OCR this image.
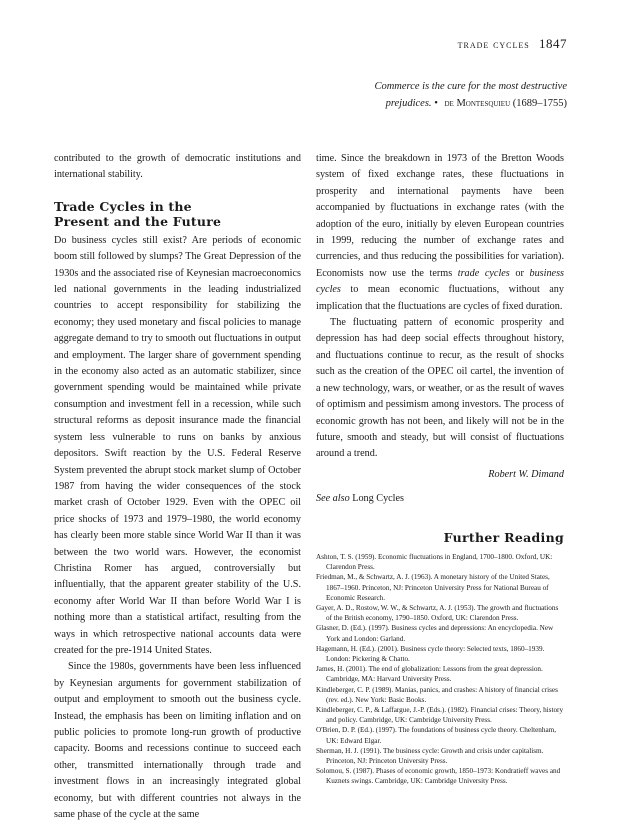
trade cycles 1847
Commerce is the cure for the most destructive
prejudices. • de Montesquieu (1689–1755)

contributed to the growth of democratic institutions and international stability.

Trade Cycles in the
Present and the Future

Do business cycles still exist? Are periods of economic boom still followed by slumps? The Great Depression of the 1930s and the associated rise of Keynesian macroeconomics led national governments in the leading industrialized countries to accept responsibility for stabilizing the economy; they used monetary and fiscal policies to manage aggregate demand to try to smooth out fluctuations in output and employment. The larger share of government spending in the economy also acted as an automatic stabilizer, since government spending would be maintained while private consumption and investment fell in a recession, while such structural reforms as deposit insurance made the financial system less vulnerable to runs on banks by anxious depositors. Swift reaction by the U.S. Federal Reserve System prevented the abrupt stock market slump of October 1987 from having the wider consequences of the stock market crash of October 1929. Even with the OPEC oil price shocks of 1973 and 1979–1980, the world economy has clearly been more stable since World War II than it was between the two world wars. However, the economist Christina Romer has argued, controversially but influentially, that the apparent greater stability of the U.S. economy after World War II than before World War I is nothing more than a statistical artifact, resulting from the ways in which retrospective national accounts data were created for the pre-1914 United States.

Since the 1980s, governments have been less influenced by Keynesian arguments for government stabilization of output and employment to smooth out the business cycle. Instead, the emphasis has been on limiting inflation and on public policies to promote long-run growth of productive capacity. Booms and recessions continue to succeed each other, transmitted internationally through trade and investment flows in an increasingly integrated global economy, but with different countries not always in the same phase of the cycle at the same

time. Since the breakdown in 1973 of the Bretton Woods system of fixed exchange rates, these fluctuations in prosperity and international payments have been accompanied by fluctuations in exchange rates (with the adoption of the euro, initially by eleven European countries in 1999, reducing the number of exchange rates and currencies, and thus reducing the possibilities for variation). Economists now use the terms trade cycles or business cycles to mean economic fluctuations, without any implication that the fluctuations are cycles of fixed duration.

The fluctuating pattern of economic prosperity and depression has had deep social effects throughout history, and fluctuations continue to recur, as the result of shocks such as the creation of the OPEC oil cartel, the invention of a new technology, wars, or weather, or as the result of waves of optimism and pessimism among investors. The process of economic growth has not been, and likely will not be in the future, smooth and steady, but will consist of fluctuations around a trend.

Robert W. Dimand
See also Long Cycles
Further Reading
Ashton, T. S. (1959). Economic fluctuations in England, 1700–1800. Oxford, UK: Clarendon Press.
Friedman, M., & Schwartz, A. J. (1963). A monetary history of the United States, 1867–1960. Princeton, NJ: Princeton University Press for National Bureau of Economic Research.
Gayer, A. D., Rostow, W. W., & Schwartz, A. J. (1953). The growth and fluctuations of the British economy, 1790–1850. Oxford, UK: Clarendon Press.
Glasner, D. (Ed.). (1997). Business cycles and depressions: An encyclopedia. New York and London: Garland.
Hagemann, H. (Ed.). (2001). Business cycle theory: Selected texts, 1860–1939. London: Pickering & Chatto.
James, H. (2001). The end of globalization: Lessons from the great depression. Cambridge, MA: Harvard University Press.
Kindleberger, C. P. (1989). Manias, panics, and crashes: A history of financial crises (rev. ed.). New York: Basic Books.
Kindleberger, C. P., & Laffargue, J.-P. (Eds.). (1982). Financial crises: Theory, history and policy. Cambridge, UK: Cambridge University Press.
O'Brien, D. P. (Ed.). (1997). The foundations of business cycle theory. Cheltenham, UK: Edward Elgar.
Sherman, H. J. (1991). The business cycle: Growth and crisis under capitalism. Princeton, NJ: Princeton University Press.
Solomou, S. (1987). Phases of economic growth, 1850–1973: Kondratieff waves and Kuznets swings. Cambridge, UK: Cambridge University Press.
